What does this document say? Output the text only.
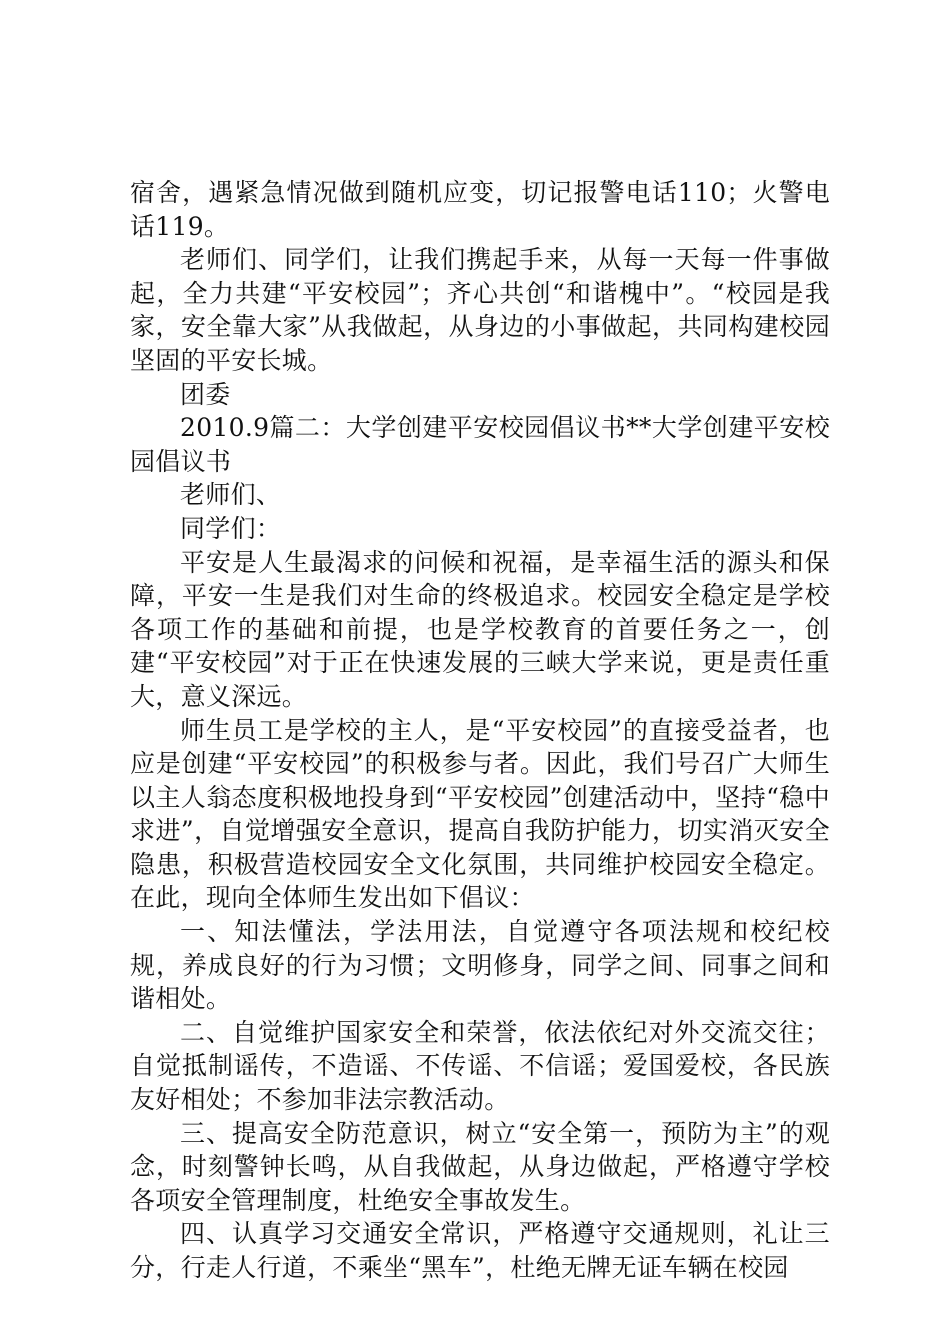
宿舍，遇紧急情况做到随机应变，切记报警电话110；火警电话119。

老师们、同学们，让我们携起手来，从每一天每一件事做起，全力共建“平安校园”；齐心共创“和谐槐中”。“校园是我家，安全靠大家”从我做起，从身边的小事做起，共同构建校园坚固的平安长城。

团委

2010.9篇二：大学创建平安校园倡议书**大学创建平安校园倡议书

老师们、

同学们：

平安是人生最渴求的问候和祝福，是幸福生活的源头和保障，平安一生是我们对生命的终极追求。校园安全稳定是学校各项工作的基础和前提，也是学校教育的首要任务之一，创建“平安校园”对于正在快速发展的三峡大学来说，更是责任重大，意义深远。

师生员工是学校的主人，是“平安校园”的直接受益者，也应是创建“平安校园”的积极参与者。因此，我们号召广大师生以主人翁态度积极地投身到“平安校园”创建活动中，坚持“稳中求进”，自觉增强安全意识，提高自我防护能力，切实消灭安全隐患，积极营造校园安全文化氛围，共同维护校园安全稳定。在此，现向全体师生发出如下倡议：

一、知法懂法，学法用法，自觉遵守各项法规和校纪校规，养成良好的行为习惯；文明修身，同学之间、同事之间和谐相处。

二、自觉维护国家安全和荣誉，依法依纪对外交流交往；自觉抵制谣传，不造谣、不传谣、不信谣；爱国爱校，各民族友好相处；不参加非法宗教活动。

三、提高安全防范意识，树立“安全第一，预防为主”的观念，时刻警钟长鸣，从自我做起，从身边做起，严格遵守学校各项安全管理制度，杜绝安全事故发生。

四、认真学习交通安全常识，严格遵守交通规则，礼让三分，行走人行道，不乘坐“黑车”，杜绝无牌无证车辆在校园
